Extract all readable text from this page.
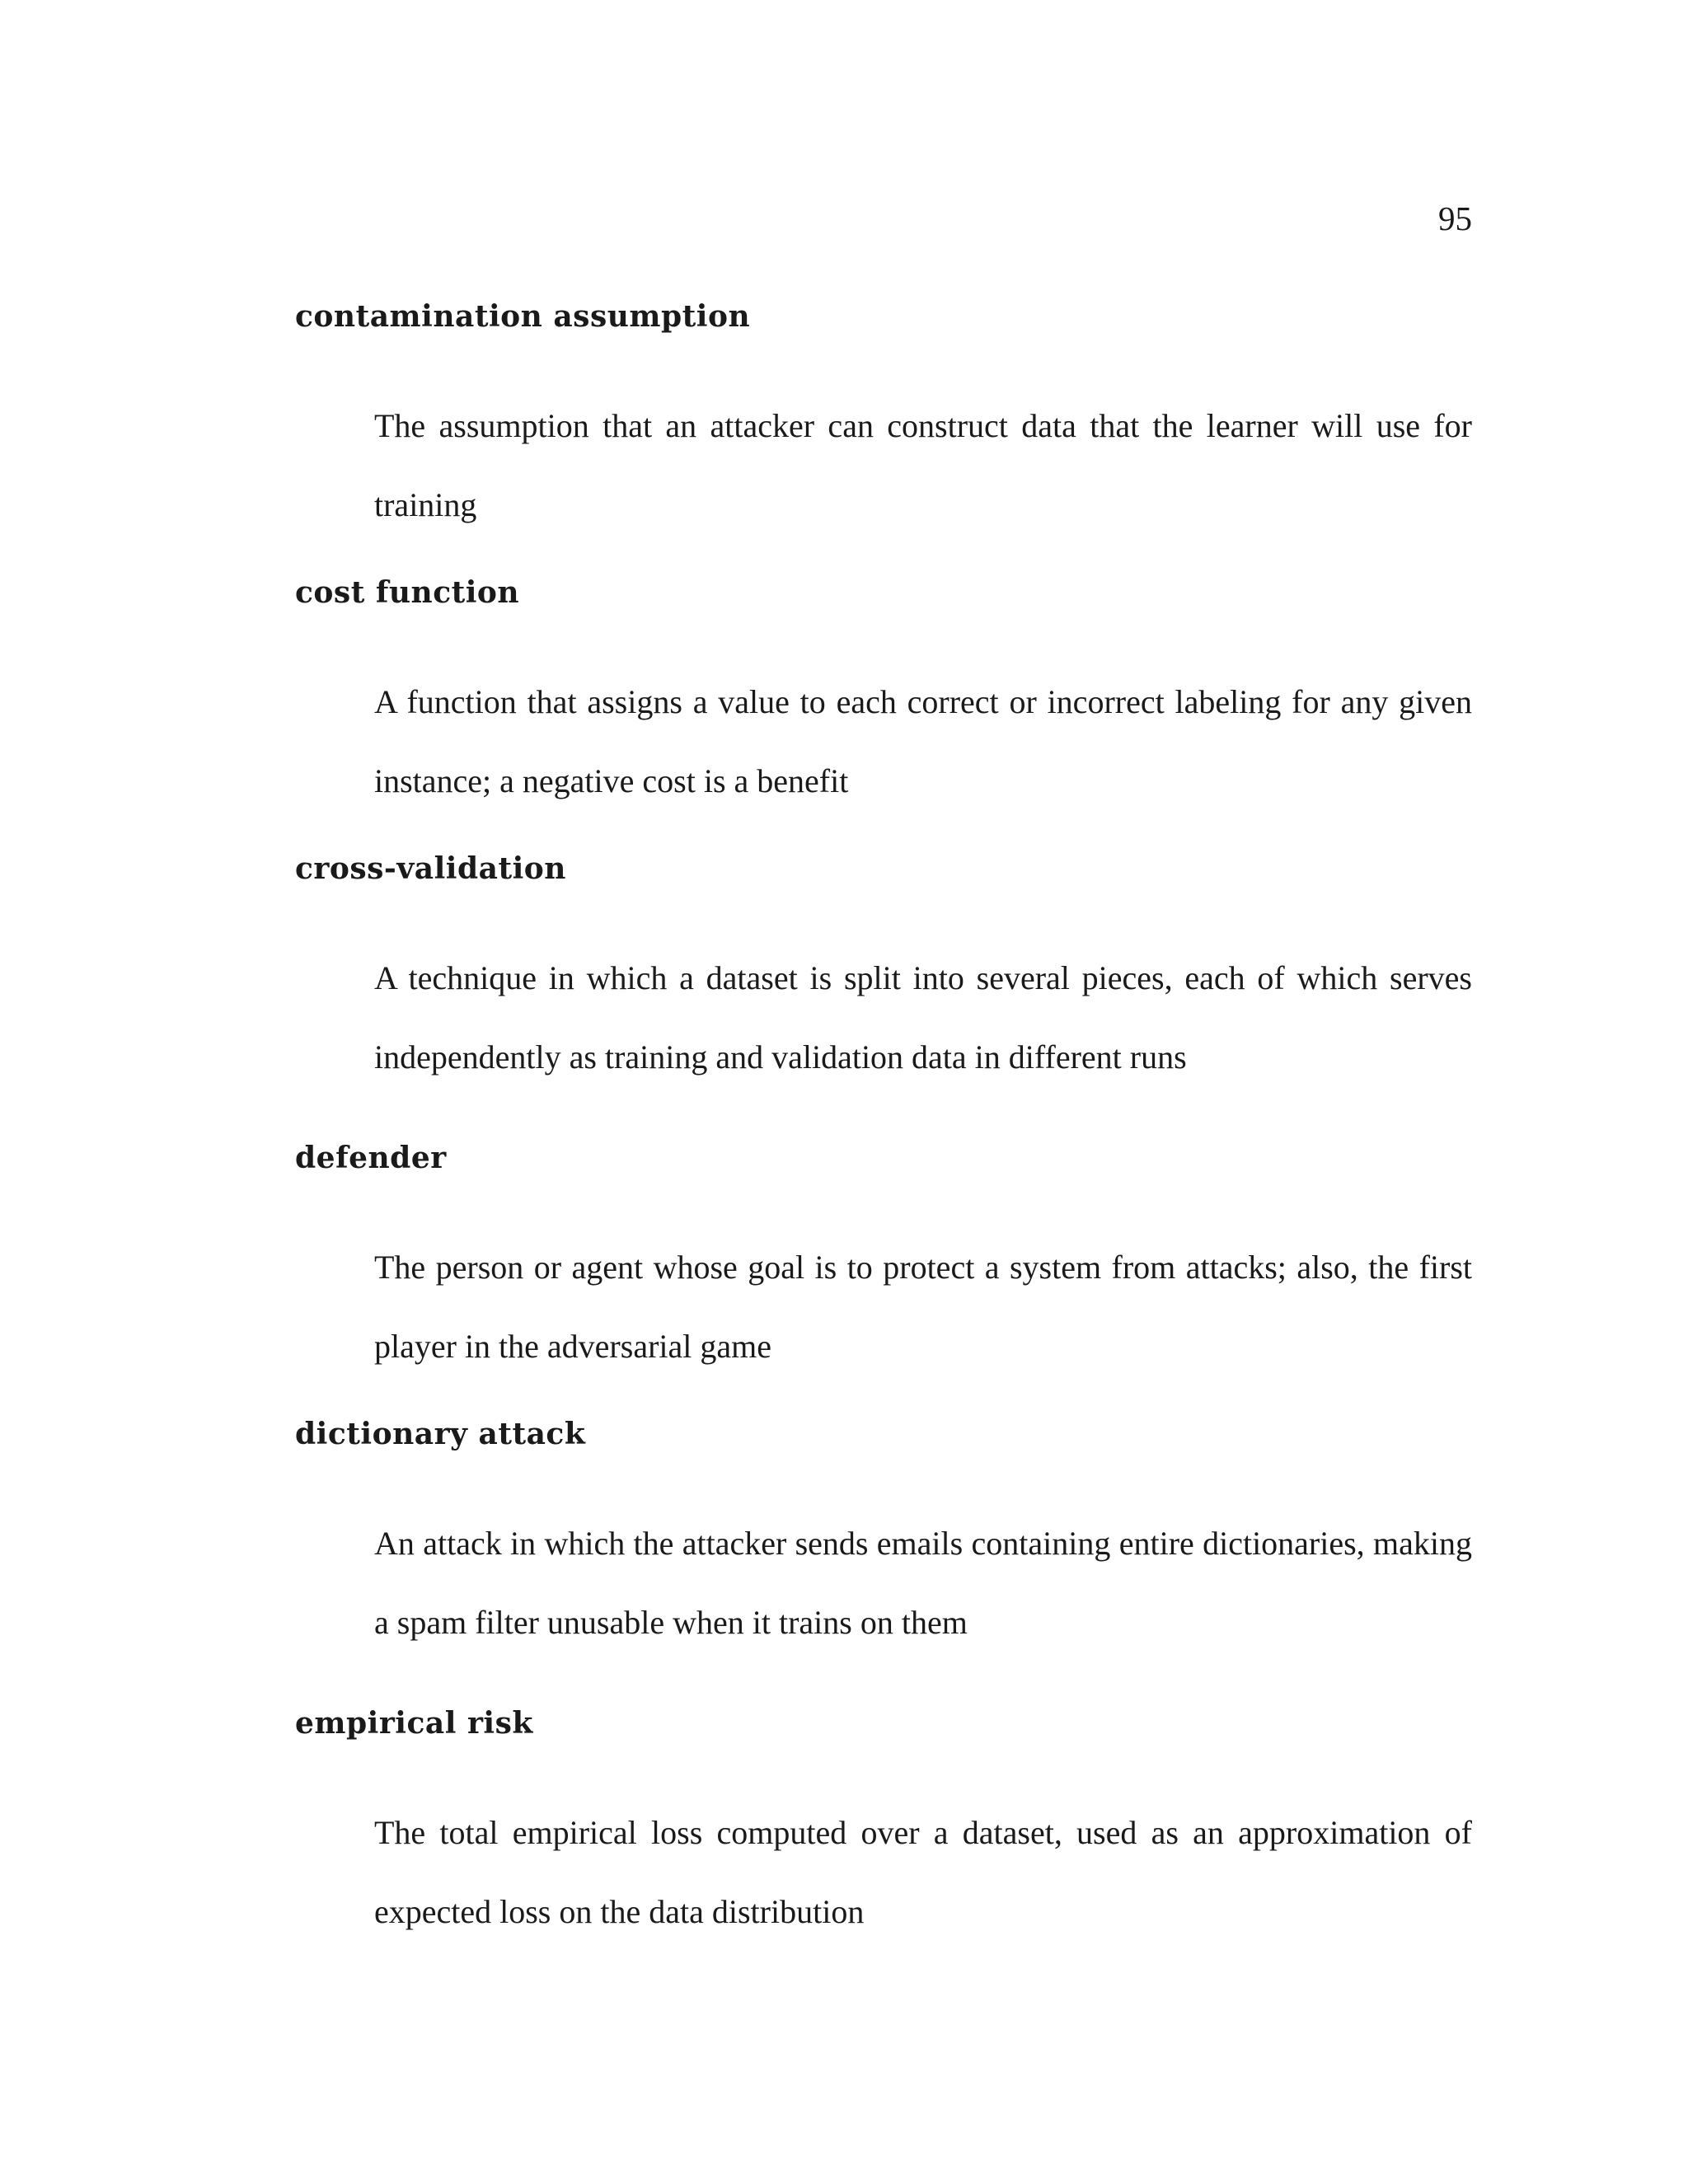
95

contamination assumption

The assumption that an attacker can construct data that the learner will use for training

cost function

A function that assigns a value to each correct or incorrect labeling for any given instance; a negative cost is a benefit

cross-validation

A technique in which a dataset is split into several pieces, each of which serves independently as training and validation data in different runs

defender

The person or agent whose goal is to protect a system from attacks; also, the first player in the adversarial game

dictionary attack

An attack in which the attacker sends emails containing entire dictionaries, making a spam filter unusable when it trains on them

empirical risk

The total empirical loss computed over a dataset, used as an approximation of expected loss on the data distribution
